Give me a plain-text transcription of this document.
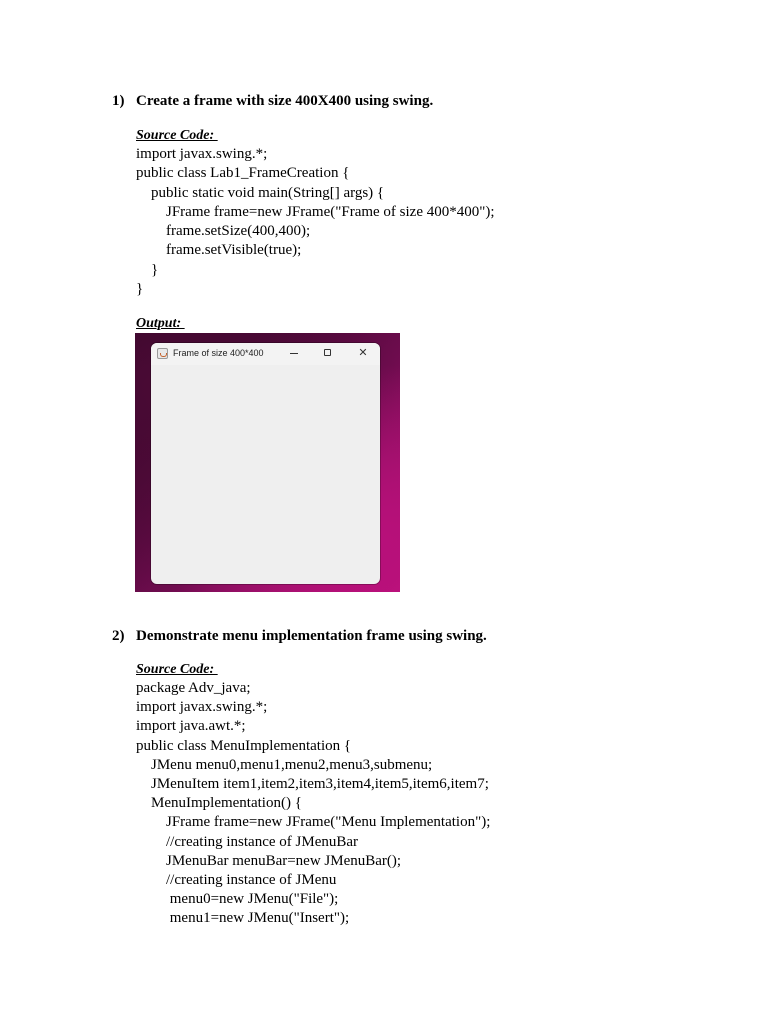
1) Create a frame with size 400X400 using swing.
Source Code:
import javax.swing.*;
public class Lab1_FrameCreation {
public static void main(String[] args) {
JFrame frame=new JFrame("Frame of size 400*400");
frame.setSize(400,400);
frame.setVisible(true);
}
}
Output:
Frame of size 400*400	✕
2) Demonstrate menu implementation frame using swing.
Source Code:
package Adv_java;
import javax.swing.*;
import java.awt.*;
public class MenuImplementation {
JMenu menu0,menu1,menu2,menu3,submenu;
JMenuItem item1,item2,item3,item4,item5,item6,item7;
MenuImplementation() {
JFrame frame=new JFrame("Menu Implementation");
//creating instance of JMenuBar
JMenuBar menuBar=new JMenuBar();
//creating instance of JMenu
menu0=new JMenu("File");
menu1=new JMenu("Insert");
